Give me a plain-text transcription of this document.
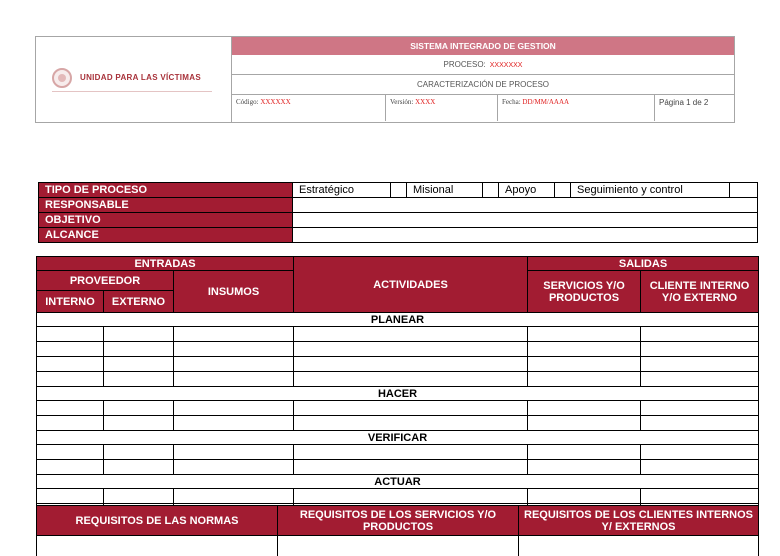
UNIDAD PARA LAS VÍCTIMAS
SISTEMA INTEGRADO DE GESTION
PROCESO: XXXXXXX
CARACTERIZACIÓN DE PROCESO
Código: XXXXXX	Versión: XXXX	Fecha: DD/MM/AAAA	Página 1 de 2
TIPO DE PROCESO	Estratégico		Misional		Apoyo		Seguimiento y control	
RESPONSABLE								
OBJETIVO								
ALCANCE								
ENTRADAS			ACTIVIDADES	SALIDAS	
PROVEEDOR		INSUMOS		SERVICIOS Y/O PRODUCTOS	CLIENTE INTERNO Y/O EXTERNO
INTERNO	EXTERNO				
PLANEAR					

HACER					

VERIFICAR					

ACTUAR					

REQUISITOS DE LAS NORMAS	REQUISITOS DE LOS SERVICIOS Y/O PRODUCTOS	REQUISITOS DE LOS CLIENTES INTERNOS Y/ EXTERNOS
